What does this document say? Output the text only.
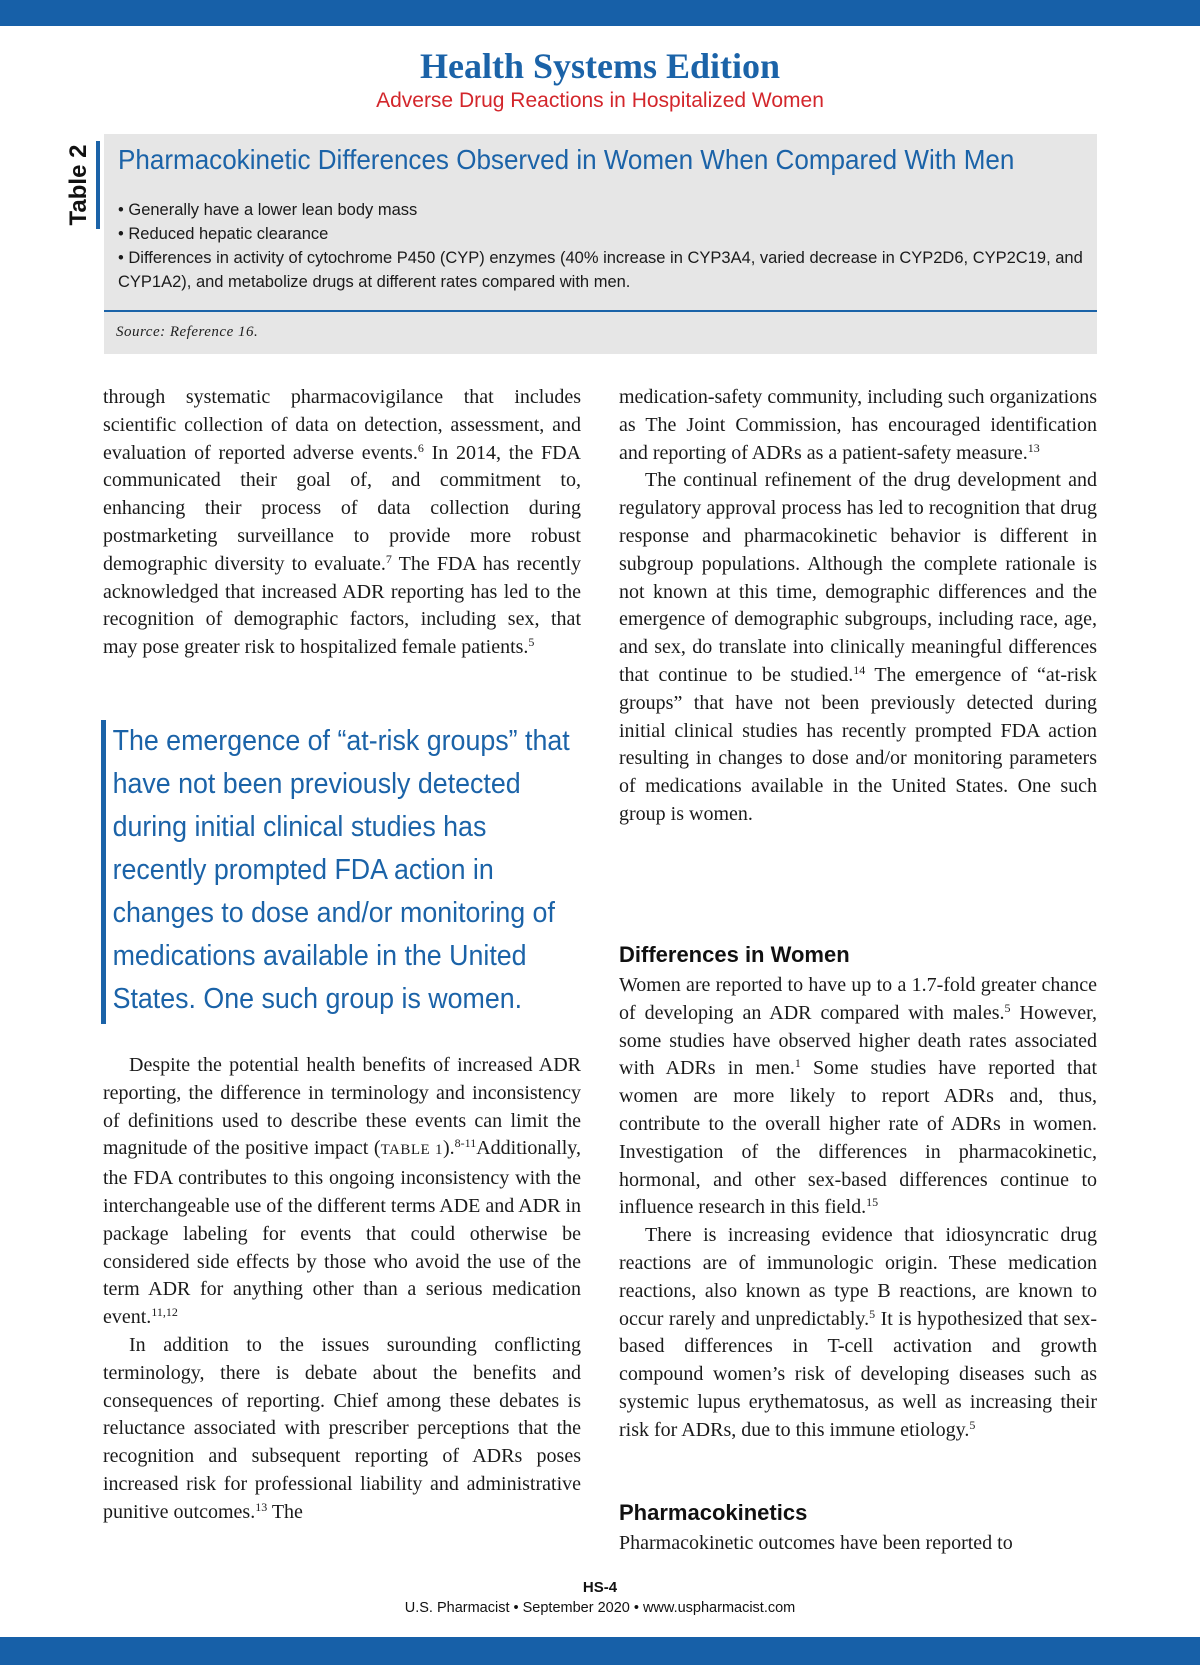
Health Systems Edition
Adverse Drug Reactions in Hospitalized Women
Table 2 Pharmacokinetic Differences Observed in Women When Compared With Men
• Generally have a lower lean body mass
• Reduced hepatic clearance
• Differences in activity of cytochrome P450 (CYP) enzymes (40% increase in CYP3A4, varied decrease in CYP2D6, CYP2C19, and CYP1A2), and metabolize drugs at different rates compared with men.
Source: Reference 16.

through systematic pharmacovigilance that includes scientific collection of data on detection, assessment, and evaluation of reported adverse events.$^6$ In 2014, the FDA communicated their goal of, and commitment to, enhancing their process of data collection during postmarketing surveillance to provide more robust demographic diversity to evaluate.$^7$ The FDA has recently acknowledged that increased ADR reporting has led to the recognition of demographic factors, including sex, that may pose greater risk to hospitalized female patients.$^5$

The emergence of “at-risk groups” that have not been previously detected during initial clinical studies has recently prompted FDA action in changes to dose and/or monitoring of medications available in the United States. One such group is women.

Despite the potential health benefits of increased ADR reporting, the difference in terminology and inconsistency of definitions used to describe these events can limit the magnitude of the positive impact (TABLE 1).$^{8-11}$Additionally, the FDA contributes to this ongoing inconsistency with the interchangeable use of the different terms ADE and ADR in package labeling for events that could otherwise be considered side effects by those who avoid the use of the term ADR for anything other than a serious medication event.$^{11,12}$

In addition to the issues surounding conflicting terminology, there is debate about the benefits and consequences of reporting. Chief among these debates is reluctance associated with prescriber perceptions that the recognition and subsequent reporting of ADRs poses increased risk for professional liability and administrative punitive outcomes.$^{13}$ The

medication-safety community, including such organizations as The Joint Commission, has encouraged identification and reporting of ADRs as a patient-safety measure.$^{13}$

The continual refinement of the drug development and regulatory approval process has led to recognition that drug response and pharmacokinetic behavior is different in subgroup populations. Although the complete rationale is not known at this time, demographic differences and the emergence of demographic subgroups, including race, age, and sex, do translate into clinically meaningful differences that continue to be studied.$^{14}$ The emergence of “at-risk groups” that have not been previously detected during initial clinical studies has recently prompted FDA action resulting in changes to dose and/or monitoring parameters of medications available in the United States. One such group is women.

Differences in Women

Women are reported to have up to a 1.7-fold greater chance of developing an ADR compared with males.$^5$ However, some studies have observed higher death rates associated with ADRs in men.$^1$ Some studies have reported that women are more likely to report ADRs and, thus, contribute to the overall higher rate of ADRs in women. Investigation of the differences in pharmacokinetic, hormonal, and other sex-based differences continue to influence research in this field.$^{15}$

There is increasing evidence that idiosyncratic drug reactions are of immunologic origin. These medication reactions, also known as type B reactions, are known to occur rarely and unpredictably.$^5$ It is hypothesized that sex-based differences in T-cell activation and growth compound women’s risk of developing diseases such as systemic lupus erythematosus, as well as increasing their risk for ADRs, due to this immune etiology.$^5$

Pharmacokinetics

Pharmacokinetic outcomes have been reported to

HS-4
U.S. Pharmacist • September 2020 • www.uspharmacist.com
